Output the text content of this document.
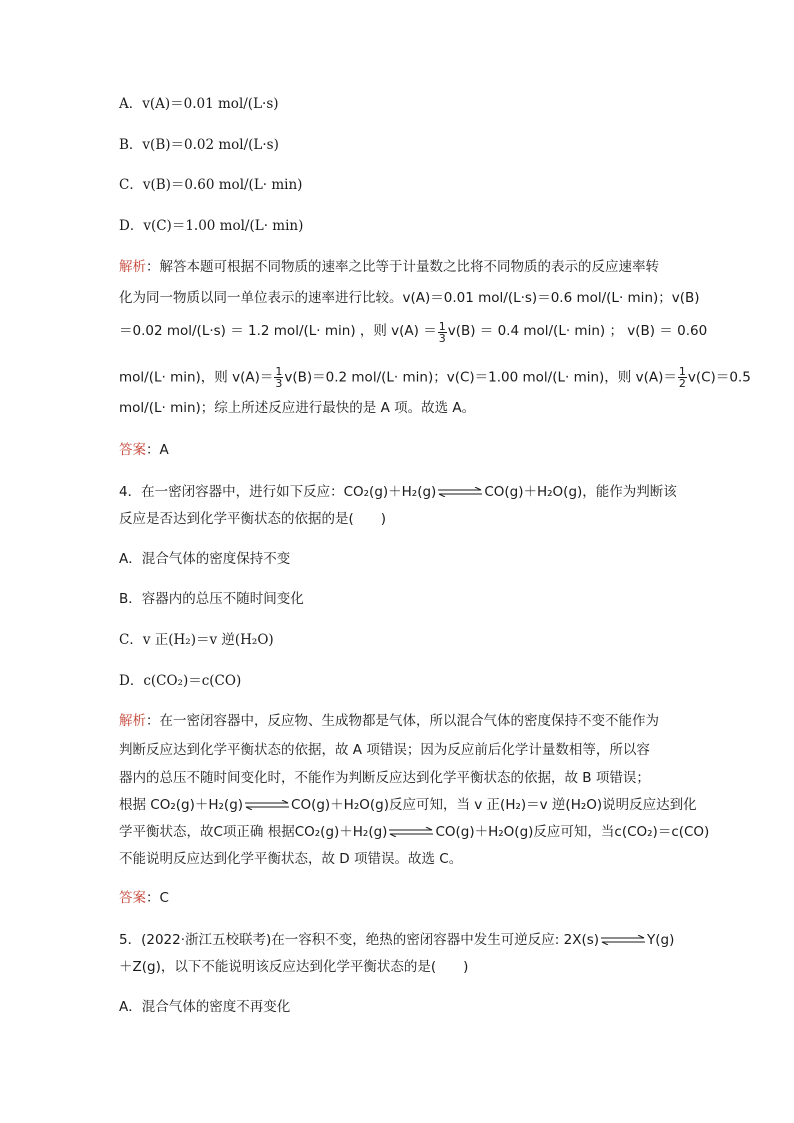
A．v(A)＝0.01 mol/(L·s)
B．v(B)＝0.02 mol/(L·s)
C．v(B)＝0.60 mol/(L· min)
D．v(C)＝1.00 mol/(L· min)
解析：解答本题可根据不同物质的速率之比等于计量数之比将不同物质的表示的反应速率转
化为同一物质以同一单位表示的速率进行比较。v(A)＝0.01 mol/(L·s)＝0.6 mol/(L· min)；v(B)
＝0.02 mol/(L·s) ＝ 1.2 mol/(L· min) ，则 $v(A) = \frac{1}{3} v(B) = 0.4$ mol/(L· min) ； v(B) ＝ 0.60
mol/(L· min)，则 $v(A)= \frac{1}{3} v(B)=0.2$ mol/(L· min)；v(C)＝1.00 mol/(L· min)，则 $v(A)= \frac{1}{2} v(C)=0.5$
mol/(L· min)；综上所述反应进行最快的是 A 项。故选 A。
答案：A
4．在一密闭容器中，进行如下反应：CO₂(g)＋H₂(g)⇌CO(g)＋H₂O(g)，能作为判断该
反应是否达到化学平衡状态的依据的是(　　)
A．混合气体的密度保持不变
B．容器内的总压不随时间变化
C．v 正(H₂)＝v 逆(H₂O)
D．c(CO₂)＝c(CO)
解析：在一密闭容器中，反应物、生成物都是气体，所以混合气体的密度保持不变不能作为
判断反应达到化学平衡状态的依据，故 A 项错误；因为反应前后化学计量数相等，所以容
器内的总压不随时间变化时，不能作为判断反应达到化学平衡状态的依据，故 B 项错误；
根据 CO₂(g)＋H₂(g)⇌CO(g)＋H₂O(g)反应可知，当 v 正(H₂)＝v 逆(H₂O)说明反应达到化
学平衡状态，故C项正确 根据CO₂(g)＋H₂(g)⇌CO(g)＋H₂O(g)反应可知，当c(CO₂)＝c(CO)
不能说明反应达到化学平衡状态，故 D 项错误。故选 C。
答案：C
5．(2022·浙江五校联考)在一容积不变，绝热的密闭容器中发生可逆反应: 2X(s)⇌Y(g)
＋Z(g)，以下不能说明该反应达到化学平衡状态的是(　　)
A．混合气体的密度不再变化
